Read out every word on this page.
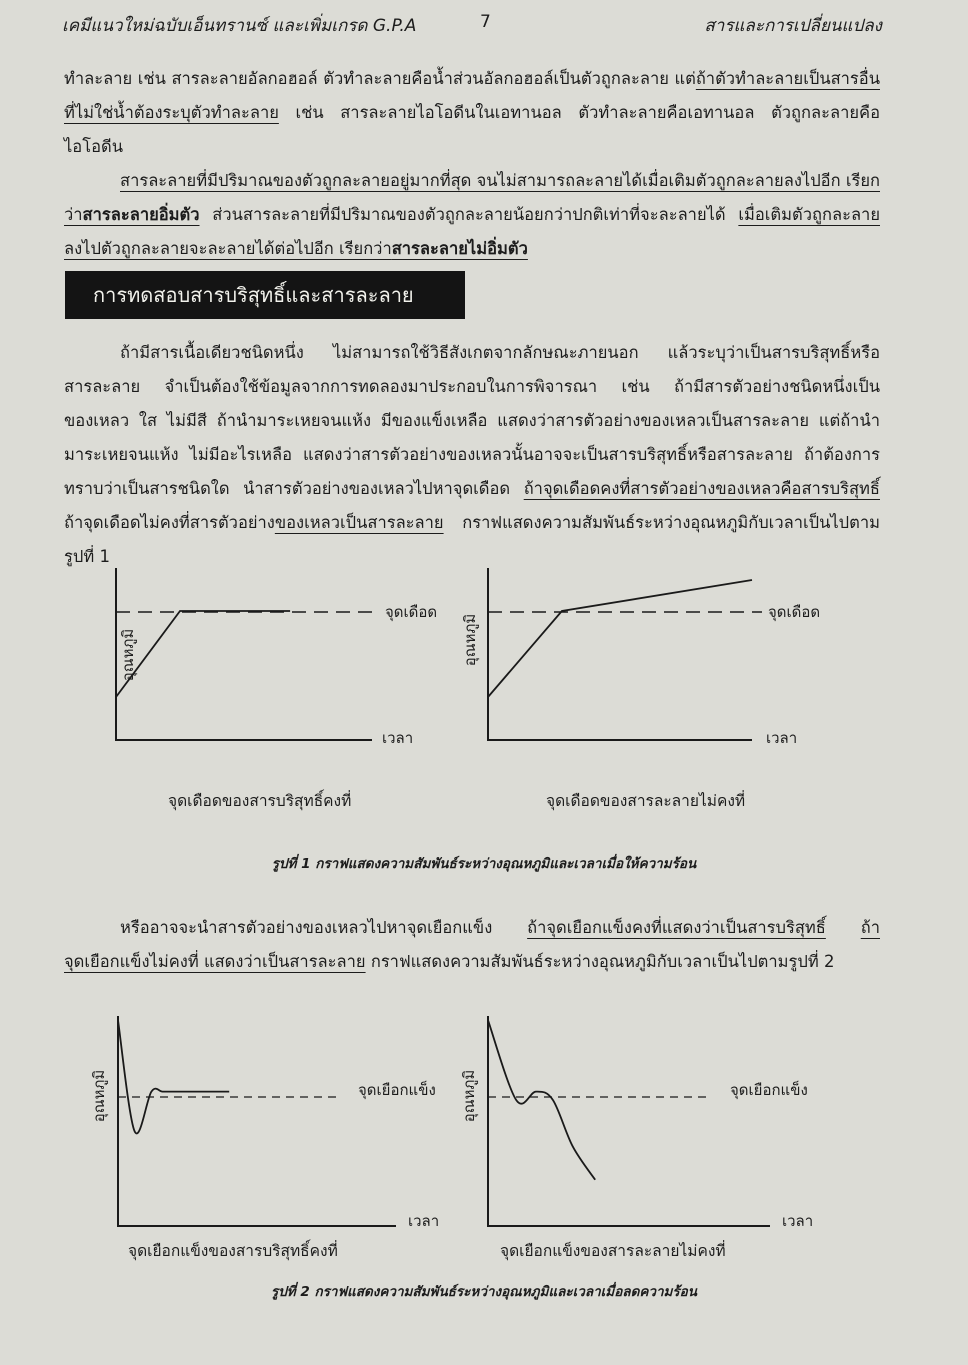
เคมีแนวใหม่ฉบับเอ็นทรานซ์ และเพิ่มเกรด G.P.A	7	สารและการเปลี่ยนแปลง

ทำละลาย เช่น สารละลายอัลกอฮอล์ ตัวทำละลายคือน้ำส่วนอัลกอฮอล์เป็นตัวถูกละลาย แต่ถ้าตัวทำละลายเป็นสารอื่นที่ไม่ใช่น้ำต้องระบุตัวทำละลาย เช่น สารละลายไอโอดีนในเอทานอล ตัวทำละลายคือเอทานอล ตัวถูกละลายคือ ไอโอดีน

สารละลายที่มีปริมาณของตัวถูกละลายอยู่มากที่สุด จนไม่สามารถละลายได้เมื่อเติมตัวถูกละลายลงไปอีก เรียกว่าสารละลายอิ่มตัว ส่วนสารละลายที่มีปริมาณของตัวถูกละลายน้อยกว่าปกติเท่าที่จะละลายได้ เมื่อเติมตัวถูกละลายลงไปตัวถูกละลายจะละลายได้ต่อไปอีก เรียกว่าสารละลายไม่อิ่มตัว

การทดสอบสารบริสุทธิ์และสารละลาย

ถ้ามีสารเนื้อเดียวชนิดหนึ่ง ไม่สามารถใช้วิธีสังเกตจากลักษณะภายนอก แล้วระบุว่าเป็นสารบริสุทธิ์หรือสารละลาย จำเป็นต้องใช้ข้อมูลจากการทดลองมาประกอบในการพิจารณา เช่น ถ้ามีสารตัวอย่างชนิดหนึ่งเป็นของเหลว ใส ไม่มีสี ถ้านำมาระเหยจนแห้ง มีของแข็งเหลือ แสดงว่าสารตัวอย่างของเหลวเป็นสารละลาย แต่ถ้านำมาระเหยจนแห้ง ไม่มีอะไรเหลือ แสดงว่าสารตัวอย่างของเหลวนั้นอาจจะเป็นสารบริสุทธิ์หรือสารละลาย ถ้าต้องการทราบว่าเป็นสารชนิดใด นำสารตัวอย่างของเหลวไปหาจุดเดือด ถ้าจุดเดือดคงที่สารตัวอย่างของเหลวคือสารบริสุทธิ์ ถ้าจุดเดือดไม่คงที่สารตัวอย่างของเหลวเป็นสารละลาย กราฟแสดงความสัมพันธ์ระหว่างอุณหภูมิกับเวลาเป็นไปตามรูปที่ 1

จุดเดือด
เวลา
อุณหภูมิ
จุดเดือด
เวลา
อุณหภูมิ
จุดเดือดของสารบริสุทธิ์คงที่	จุดเดือดของสารละลายไม่คงที่
รูปที่ 1 กราฟแสดงความสัมพันธ์ระหว่างอุณหภูมิและเวลาเมื่อให้ความร้อน

หรืออาจจะนำสารตัวอย่างของเหลวไปหาจุดเยือกแข็ง ถ้าจุดเยือกแข็งคงที่แสดงว่าเป็นสารบริสุทธิ์ ถ้าจุดเยือกแข็งไม่คงที่ แสดงว่าเป็นสารละลาย กราฟแสดงความสัมพันธ์ระหว่างอุณหภูมิกับเวลาเป็นไปตามรูปที่ 2

จุดเยือกแข็ง
เวลา
อุณหภูมิ	จุดเยือกแข็ง
เวลา
อุณหภูมิ
จุดเยือกแข็งของสารบริสุทธิ์คงที่	จุดเยือกแข็งของสารละลายไม่คงที่
รูปที่ 2 กราฟแสดงความสัมพันธ์ระหว่างอุณหภูมิและเวลาเมื่อลดความร้อน
